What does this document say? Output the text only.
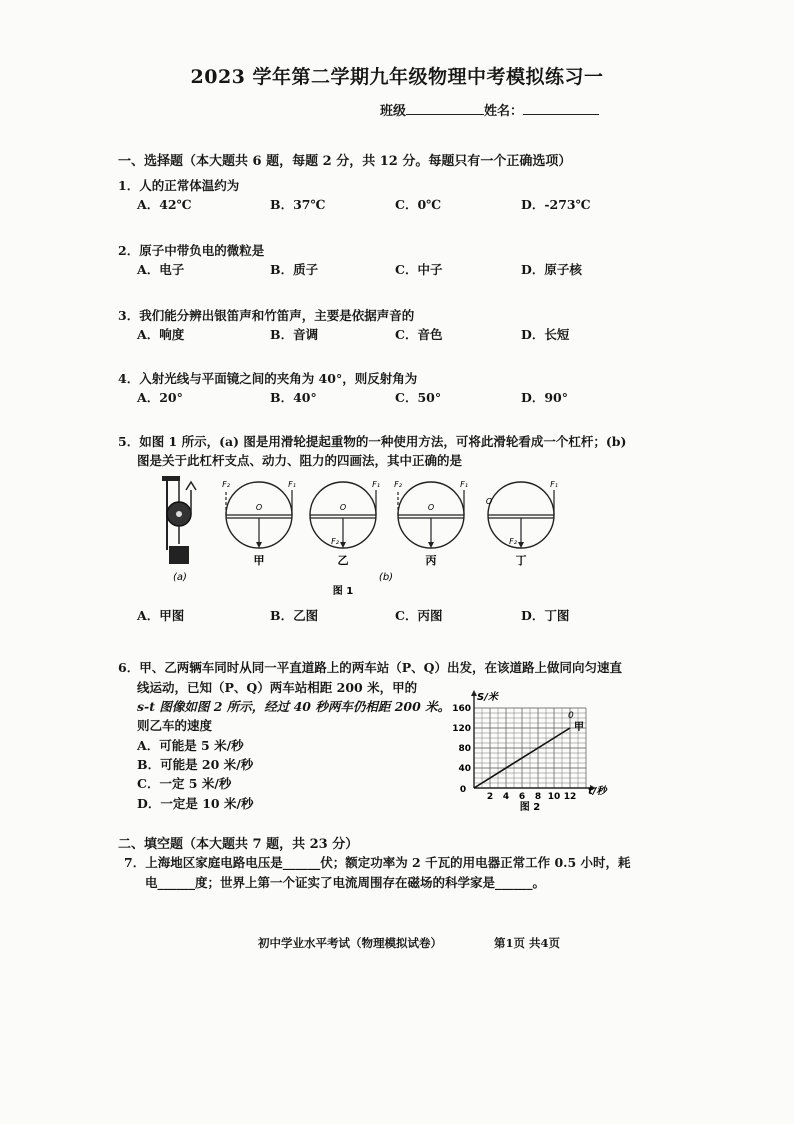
2023 学年第二学期九年级物理中考模拟练习一
班级	姓名：
一、选择题（本大题共 6 题，每题 2 分，共 12 分。每题只有一个正确选项）
1．人的正常体温约为
A．42℃	B．37℃	C．0℃	D．-273℃
2．原子中带负电的微粒是
A．电子	B．质子	C．中子	D．原子核
3．我们能分辨出银笛声和竹笛声，主要是依据声音的
A．响度	B．音调	C．音色	D．长短
4．入射光线与平面镜之间的夹角为 40°，则反射角为
A．20°	B．40°	C．50°	D．90°
5．如图 1 所示，(a) 图是用滑轮提起重物的一种使用方法，可将此滑轮看成一个杠杆；(b)
图是关于此杠杆支点、动力、阻力的四画法，其中正确的是
(a)
F₂	F₁
O
F₁
O
F₂
F₂	F₁
O
F₁
O
F₂
甲	乙	丙	丁
(b)
图 1
A．甲图	B．乙图	C．丙图	D．丁图
6．甲、乙两辆车同时从同一平直道路上的两车站（P、Q）出发，在该道路上做同向匀速直
线运动，已知（P、Q）两车站相距 200 米，甲的
s-t 图像如图 2 所示，经过 40 秒两车仍相距 200 米。
则乙车的速度
A．可能是 5 米/秒
B．可能是 20 米/秒
C．一定 5 米/秒
D．一定是 10 米/秒
160
120
80
40
2 4 6 8 10 12
甲
S/米
t/秒
0
0
图 2
二、填空题（本大题共 7 题，共 23 分）
7．上海地区家庭电路电压是______伏；额定功率为 2 千瓦的用电器正常工作 0.5 小时，耗
电______度；世界上第一个证实了电流周围存在磁场的科学家是______。
初中学业水平考试（物理模拟试卷）	第1页 共4页
